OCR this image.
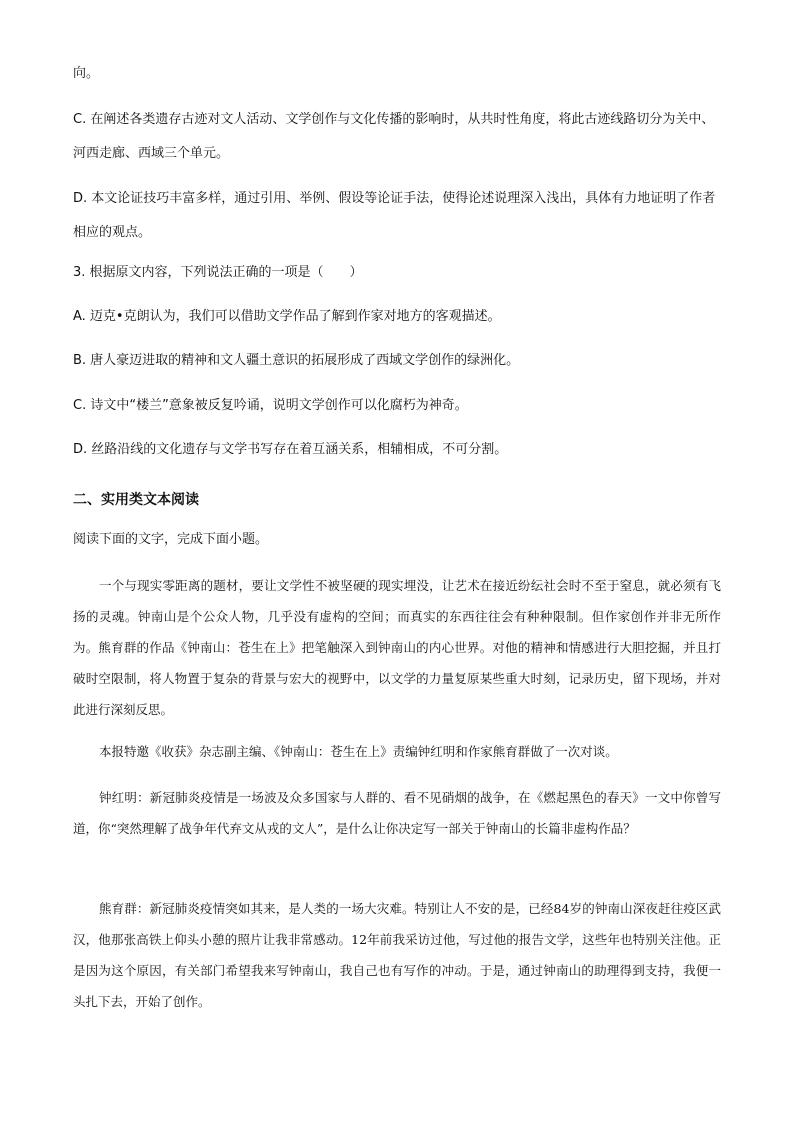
向。

C. 在阐述各类遗存古迹对文人活动、文学创作与文化传播的影响时，从共时性角度，将此古迹线路切分为关中、河西走廊、西域三个单元。

D. 本文论证技巧丰富多样，通过引用、举例、假设等论证手法，使得论述说理深入浅出，具体有力地证明了作者相应的观点。

3. 根据原文内容，下列说法正确的一项是（　　）

A. 迈克•克朗认为，我们可以借助文学作品了解到作家对地方的客观描述。

B. 唐人豪迈进取的精神和文人疆土意识的拓展形成了西域文学创作的绿洲化。

C. 诗文中“楼兰”意象被反复吟诵，说明文学创作可以化腐朽为神奇。

D. 丝路沿线的文化遗存与文学书写存在着互涵关系，相辅相成，不可分割。

二、实用类文本阅读

阅读下面的文字，完成下面小题。

一个与现实零距离的题材，要让文学性不被坚硬的现实埋没，让艺术在接近纷纭社会时不至于窒息，就必须有飞扬的灵魂。钟南山是个公众人物，几乎没有虚构的空间；而真实的东西往往会有种种限制。但作家创作并非无所作为。熊育群的作品《钟南山：苍生在上》把笔触深入到钟南山的内心世界。对他的精神和情感进行大胆挖掘，并且打破时空限制，将人物置于复杂的背景与宏大的视野中，以文学的力量复原某些重大时刻，记录历史，留下现场，并对此进行深刻反思。

本报特邀《收获》杂志副主编、《钟南山：苍生在上》责编钟红明和作家熊育群做了一次对谈。

钟红明：新冠肺炎疫情是一场波及众多国家与人群的、看不见硝烟的战争，在《燃起黑色的春天》一文中你曾写道，你“突然理解了战争年代弃文从戎的文人”，是什么让你决定写一部关于钟南山的长篇非虚构作品？

熊育群：新冠肺炎疫情突如其来，是人类的一场大灾难。特别让人不安的是，已经84岁的钟南山深夜赶往疫区武汉，他那张高铁上仰头小憩的照片让我非常感动。12年前我采访过他，写过他的报告文学，这些年也特别关注他。正是因为这个原因，有关部门希望我来写钟南山，我自己也有写作的冲动。于是，通过钟南山的助理得到支持，我便一头扎下去，开始了创作。
